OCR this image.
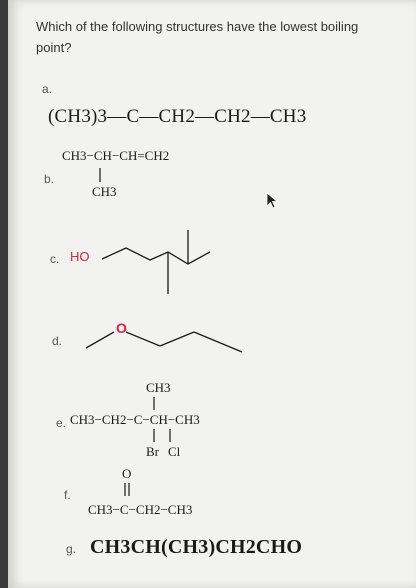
Which of the following structures have the lowest boiling point?
a.
(CH3)3—C—CH2—CH2—CH3
b.
CH3−CH−CH=CH2
CH3
c. HO
d.
O
CH3
e. CH3−CH2−C−CH−CH3
Br Cl
O
f.
CH3−C−CH2−CH3
g. CH3CH(CH3)CH2CHO
